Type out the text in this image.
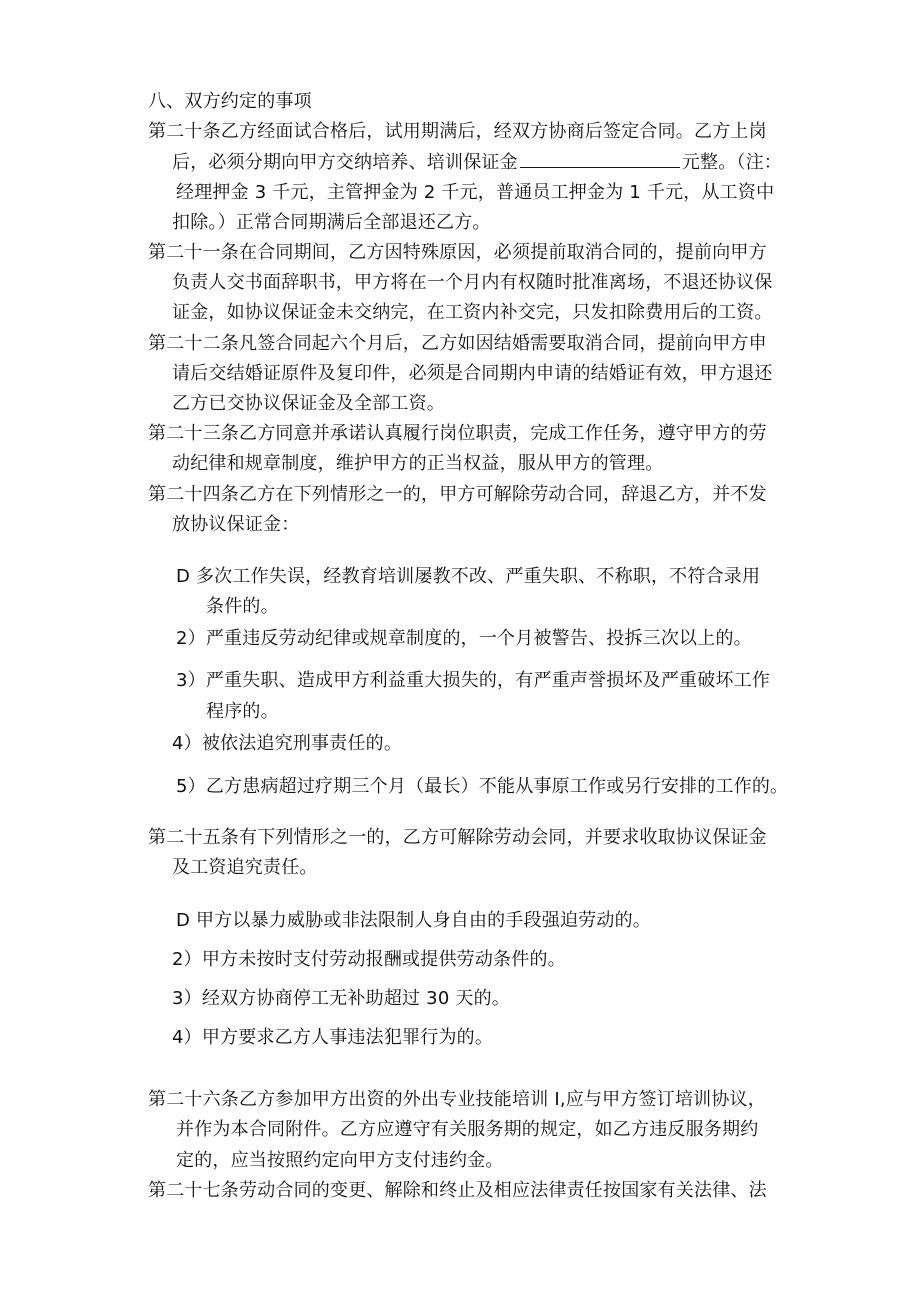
八、双方约定的事项
第二十条乙方经面试合格后，试用期满后，经双方协商后签定合同。乙方上岗
后，必须分期向甲方交纳培养、培训保证金	元整。（注：
经理押金 3 千元，主管押金为 2 千元，普通员工押金为 1 千元，从工资中
扣除。）正常合同期满后全部退还乙方。
第二十一条在合同期间，乙方因特殊原因，必须提前取消合同的，提前向甲方
负责人交书面辞职书，甲方将在一个月内有权随时批准离场，不退还协议保
证金，如协议保证金未交纳完，在工资内补交完，只发扣除费用后的工资。
第二十二条凡签合同起六个月后，乙方如因结婚需要取消合同，提前向甲方申
请后交结婚证原件及复印件，必须是合同期内申请的结婚证有效，甲方退还
乙方已交协议保证金及全部工资。
第二十三条乙方同意并承诺认真履行岗位职责，完成工作任务，遵守甲方的劳
动纪律和规章制度，维护甲方的正当权益，服从甲方的管理。
第二十四条乙方在下列情形之一的，甲方可解除劳动合同，辞退乙方，并不发
放协议保证金：
D 多次工作失误，经教育培训屡教不改、严重失职、不称职，不符合录用
条件的。
2）严重违反劳动纪律或规章制度的，一个月被警告、投拆三次以上的。
3）严重失职、造成甲方利益重大损失的，有严重声誉损坏及严重破坏工作
程序的。
4）被依法追究刑事责任的。
5）乙方患病超过疗期三个月（最长）不能从事原工作或另行安排的工作的。
第二十五条有下列情形之一的，乙方可解除劳动会同，并要求收取协议保证金
及工资追究责任。
D 甲方以暴力威胁或非法限制人身自由的手段强迫劳动的。
2）甲方未按时支付劳动报酬或提供劳动条件的。
3）经双方协商停工无补助超过 30 天的。
4）甲方要求乙方人事违法犯罪行为的。
第二十六条乙方参加甲方出资的外出专业技能培训 I,应与甲方签订培训协议，
并作为本合同附件。乙方应遵守有关服务期的规定，如乙方违反服务期约
定的，应当按照约定向甲方支付违约金。
第二十七条劳动合同的变更、解除和终止及相应法律责任按国家有关法律、法
